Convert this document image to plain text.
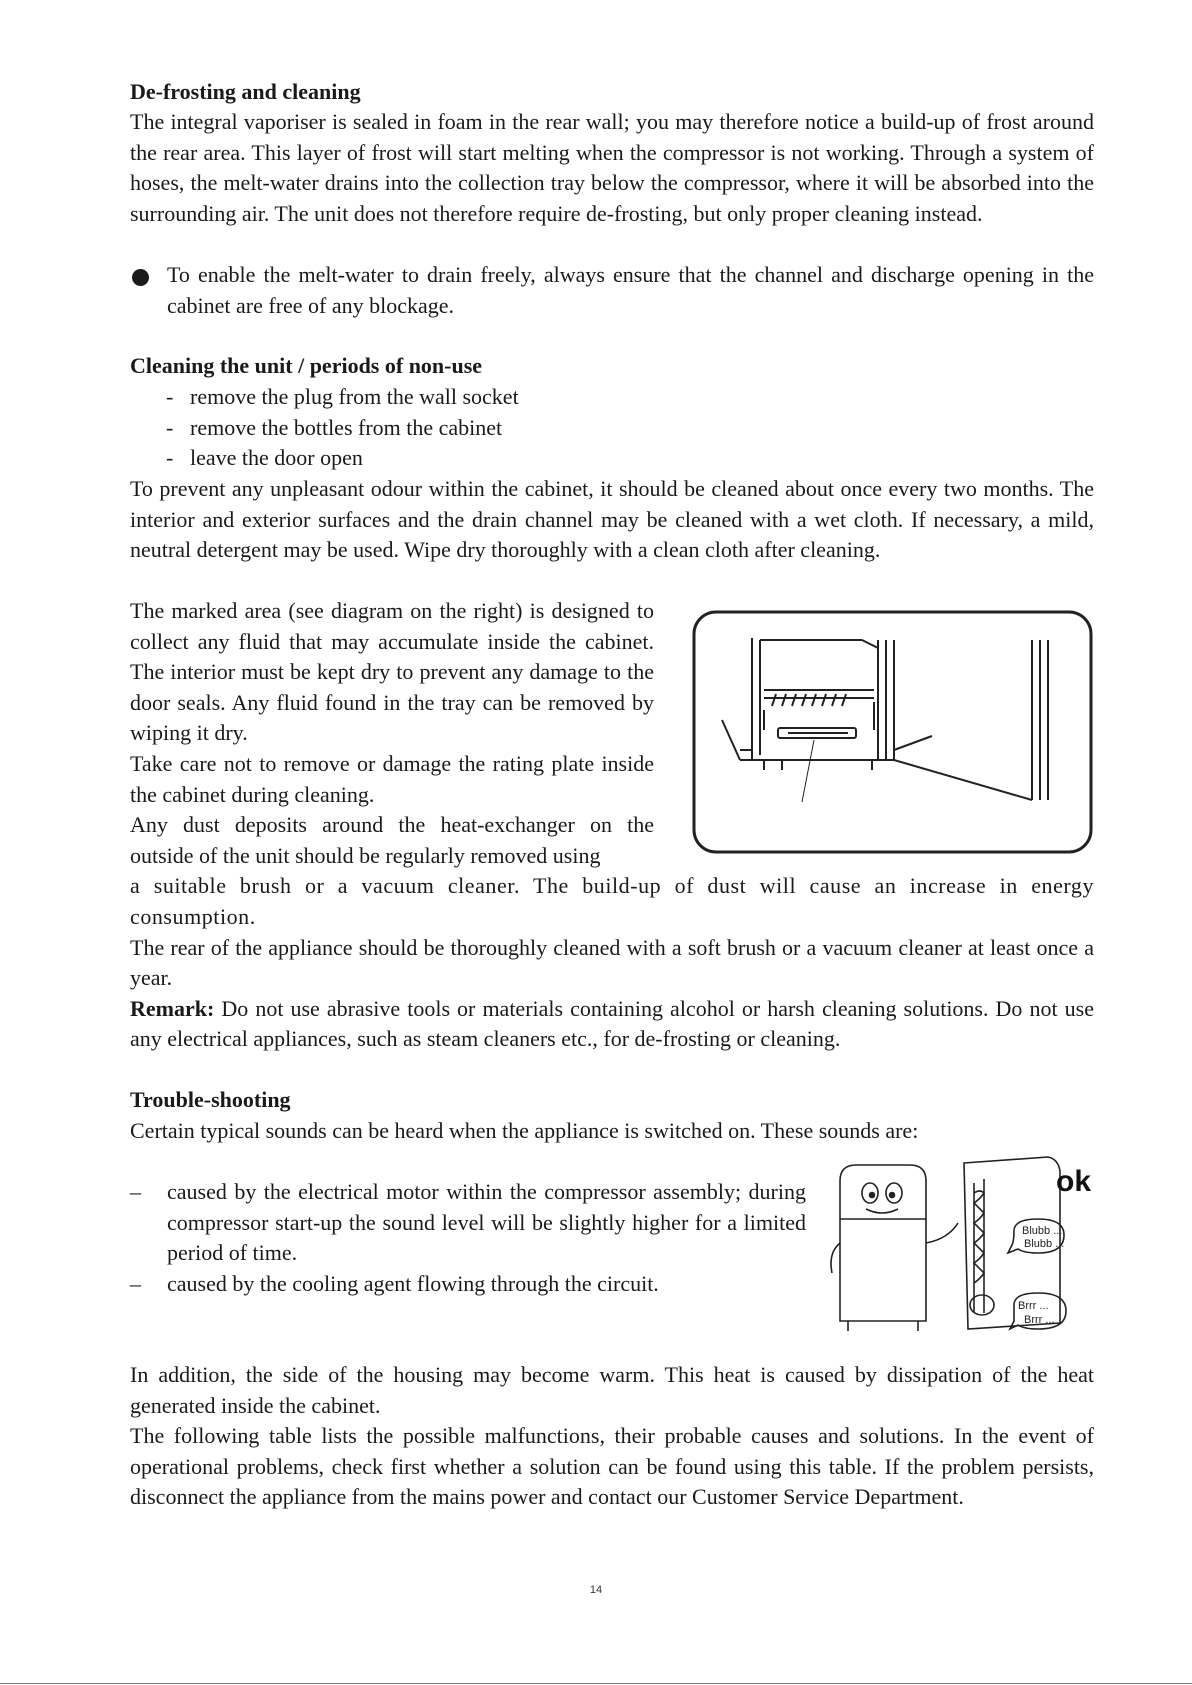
De-frosting and cleaning

The integral vaporiser is sealed in foam in the rear wall; you may therefore notice a build-up of frost around the rear area. This layer of frost will start melting when the compressor is not working. Through a system of hoses, the melt-water drains into the collection tray below the compressor, where it will be absorbed into the surrounding air. The unit does not therefore require de-frosting, but only proper cleaning instead.

To enable the melt-water to drain freely, always ensure that the channel and discharge opening in the cabinet are free of any blockage.
Cleaning the unit / periods of non-use
- remove the plug from the wall socket
- remove the bottles from the cabinet
- leave the door open

To prevent any unpleasant odour within the cabinet, it should be cleaned about once every two months. The interior and exterior surfaces and the drain channel may be cleaned with a wet cloth. If necessary, a mild, neutral detergent may be used. Wipe dry thoroughly with a clean cloth after cleaning.

The marked area (see diagram on the right) is designed to collect any fluid that may accumulate inside the cabinet. The interior must be kept dry to prevent any damage to the door seals. Any fluid found in the tray can be removed by wiping it dry.

Take care not to remove or damage the rating plate inside the cabinet during cleaning.

Any dust deposits around the heat-exchanger on the outside of the unit should be regularly removed using

a suitable brush or a vacuum cleaner. The build-up of dust will cause an increase in energy consumption.

The rear of the appliance should be thoroughly cleaned with a soft brush or a vacuum cleaner at least once a year.

Remark: Do not use abrasive tools or materials containing alcohol or harsh cleaning solutions. Do not use any electrical appliances, such as steam cleaners etc., for de-frosting or cleaning.

Trouble-shooting

Certain typical sounds can be heard when the appliance is switched on. These sounds are:

– caused by the electrical motor within the compressor assembly; during compressor start-up the sound level will be slightly higher for a limited period of time.
– caused by the cooling agent flowing through the circuit.

In addition, the side of the housing may become warm. This heat is caused by dissipation of the heat generated inside the cabinet.

The following table lists the possible malfunctions, their probable causes and solutions. In the event of operational problems, check first whether a solution can be found using this table. If the problem persists, disconnect the appliance from the mains power and contact our Customer Service Department.

ok
Blubb ...
Blubb ...
Brrr ...
Brrr ...
14
